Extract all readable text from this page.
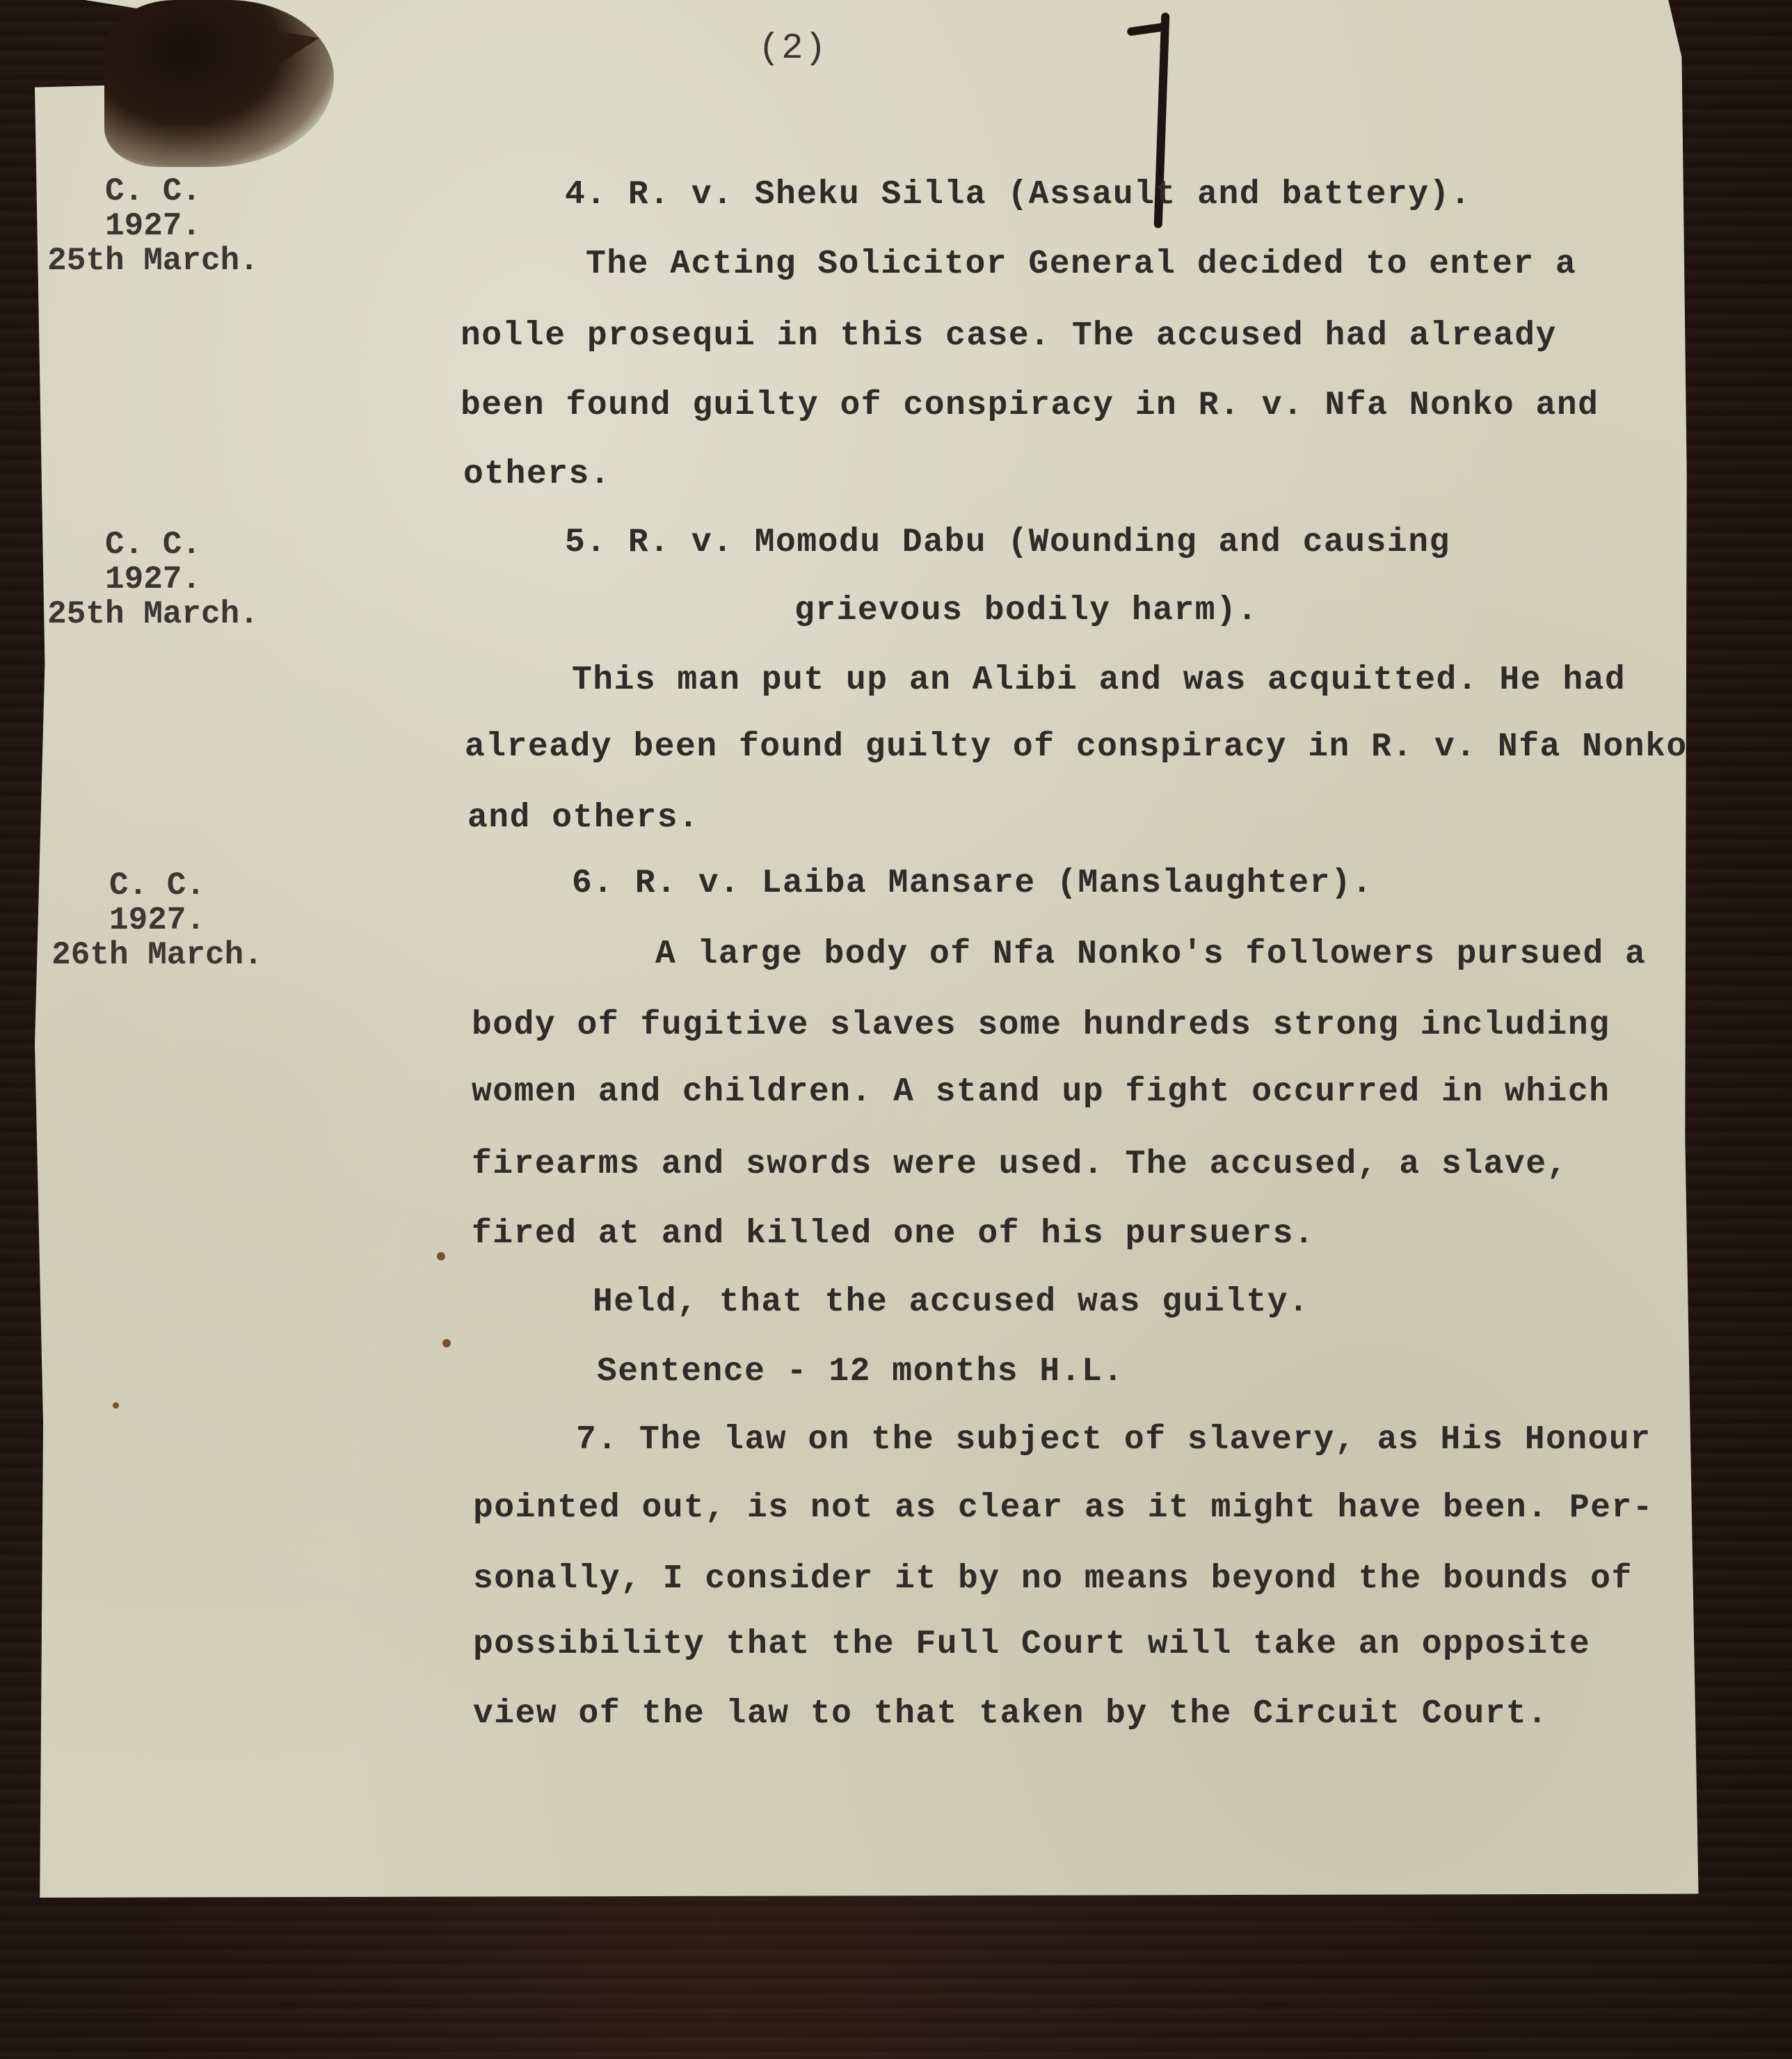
(2)
C. C.
1927.
25th March.
C. C.
1927.
25th March.
C. C.
1927.
26th March.
4. R. v. Sheku Silla (Assault and battery).
The Acting Solicitor General decided to enter a
nolle prosequi in this case. The accused had already
been found guilty of conspiracy in R. v. Nfa Nonko and
others.
5. R. v. Momodu Dabu (Wounding and causing
grievous bodily harm).
This man put up an Alibi and was acquitted. He had
already been found guilty of conspiracy in R. v. Nfa Nonko
and others.
6. R. v. Laiba Mansare (Manslaughter).
A large body of Nfa Nonko's followers pursued a
body of fugitive slaves some hundreds strong including
women and children. A stand up fight occurred in which
firearms and swords were used. The accused, a slave,
fired at and killed one of his pursuers.
Held, that the accused was guilty.
Sentence - 12 months H.L.
7. The law on the subject of slavery, as His Honour
pointed out, is not as clear as it might have been. Per-
sonally, I consider it by no means beyond the bounds of
possibility that the Full Court will take an opposite
view of the law to that taken by the Circuit Court.
